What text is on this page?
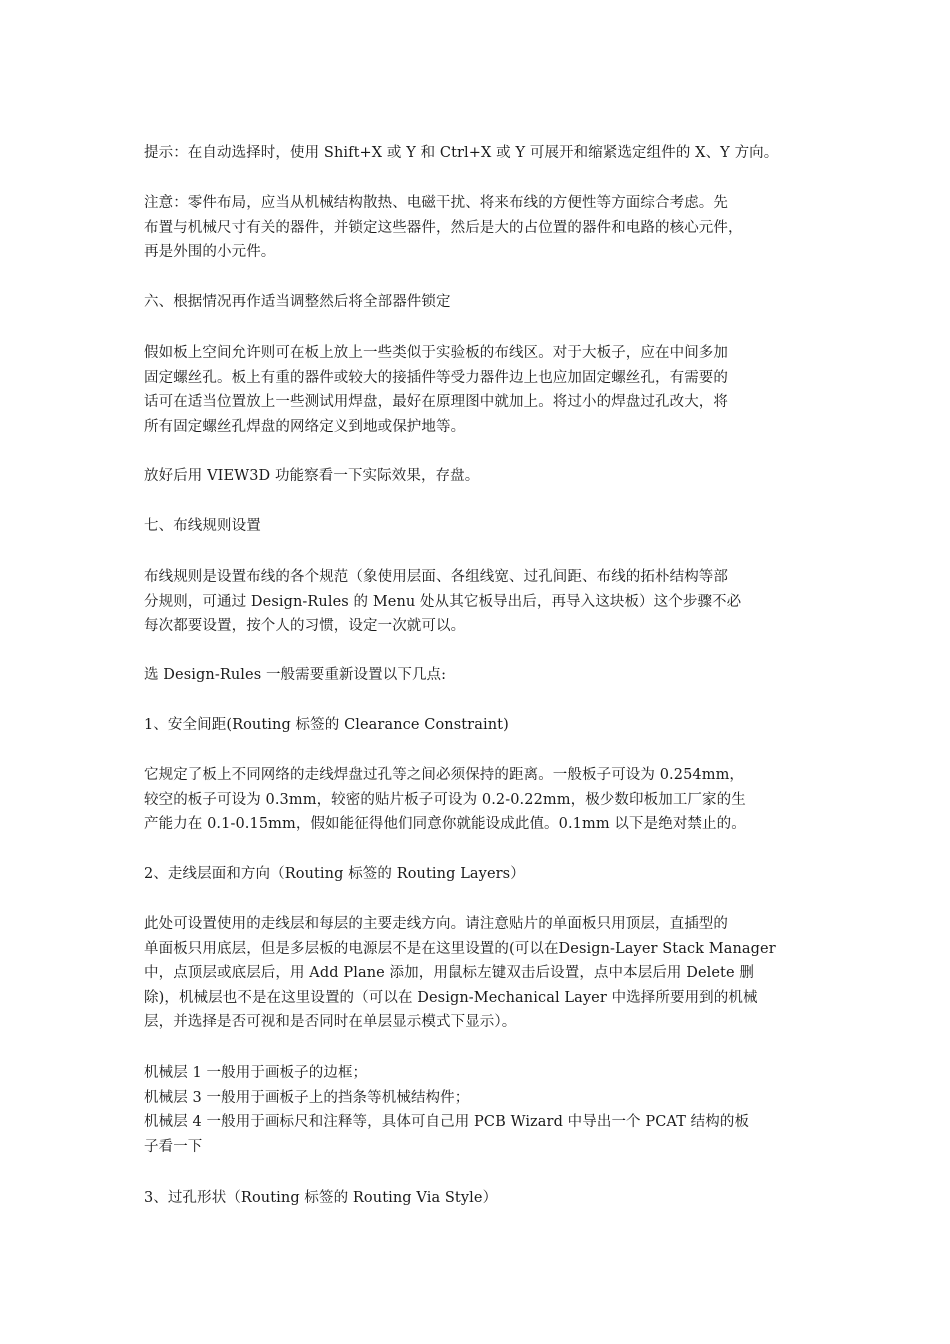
提示：在自动选择时，使用 Shift+X 或 Y 和 Ctrl+X 或 Y 可展开和缩紧选定组件的 X、Y 方向。

注意：零件布局，应当从机械结构散热、电磁干扰、将来布线的方便性等方面综合考虑。先
布置与机械尺寸有关的器件，并锁定这些器件，然后是大的占位置的器件和电路的核心元件，
再是外围的小元件。

六、根据情况再作适当调整然后将全部器件锁定

假如板上空间允许则可在板上放上一些类似于实验板的布线区。对于大板子，应在中间多加
固定螺丝孔。板上有重的器件或较大的接插件等受力器件边上也应加固定螺丝孔，有需要的
话可在适当位置放上一些测试用焊盘，最好在原理图中就加上。将过小的焊盘过孔改大，将
所有固定螺丝孔焊盘的网络定义到地或保护地等。

放好后用 VIEW3D 功能察看一下实际效果，存盘。

七、布线规则设置

布线规则是设置布线的各个规范（象使用层面、各组线宽、过孔间距、布线的拓朴结构等部
分规则，可通过 Design-Rules 的 Menu 处从其它板导出后，再导入这块板）这个步骤不必
每次都要设置，按个人的习惯，设定一次就可以。

选 Design-Rules 一般需要重新设置以下几点:

1、安全间距(Routing 标签的 Clearance Constraint)

它规定了板上不同网络的走线焊盘过孔等之间必须保持的距离。一般板子可设为 0.254mm，
较空的板子可设为 0.3mm，较密的贴片板子可设为 0.2-0.22mm，极少数印板加工厂家的生
产能力在 0.1-0.15mm，假如能征得他们同意你就能设成此值。0.1mm 以下是绝对禁止的。

2、走线层面和方向（Routing 标签的 Routing Layers）

此处可设置使用的走线层和每层的主要走线方向。请注意贴片的单面板只用顶层，直插型的
单面板只用底层，但是多层板的电源层不是在这里设置的(可以在Design-Layer Stack Manager
中，点顶层或底层后，用 Add Plane 添加，用鼠标左键双击后设置，点中本层后用 Delete 删
除)，机械层也不是在这里设置的（可以在 Design-Mechanical Layer 中选择所要用到的机械
层，并选择是否可视和是否同时在单层显示模式下显示）。

机械层 1 一般用于画板子的边框；
机械层 3 一般用于画板子上的挡条等机械结构件；
机械层 4 一般用于画标尺和注释等，具体可自己用 PCB Wizard 中导出一个 PCAT 结构的板
子看一下

3、过孔形状（Routing 标签的 Routing Via Style）
